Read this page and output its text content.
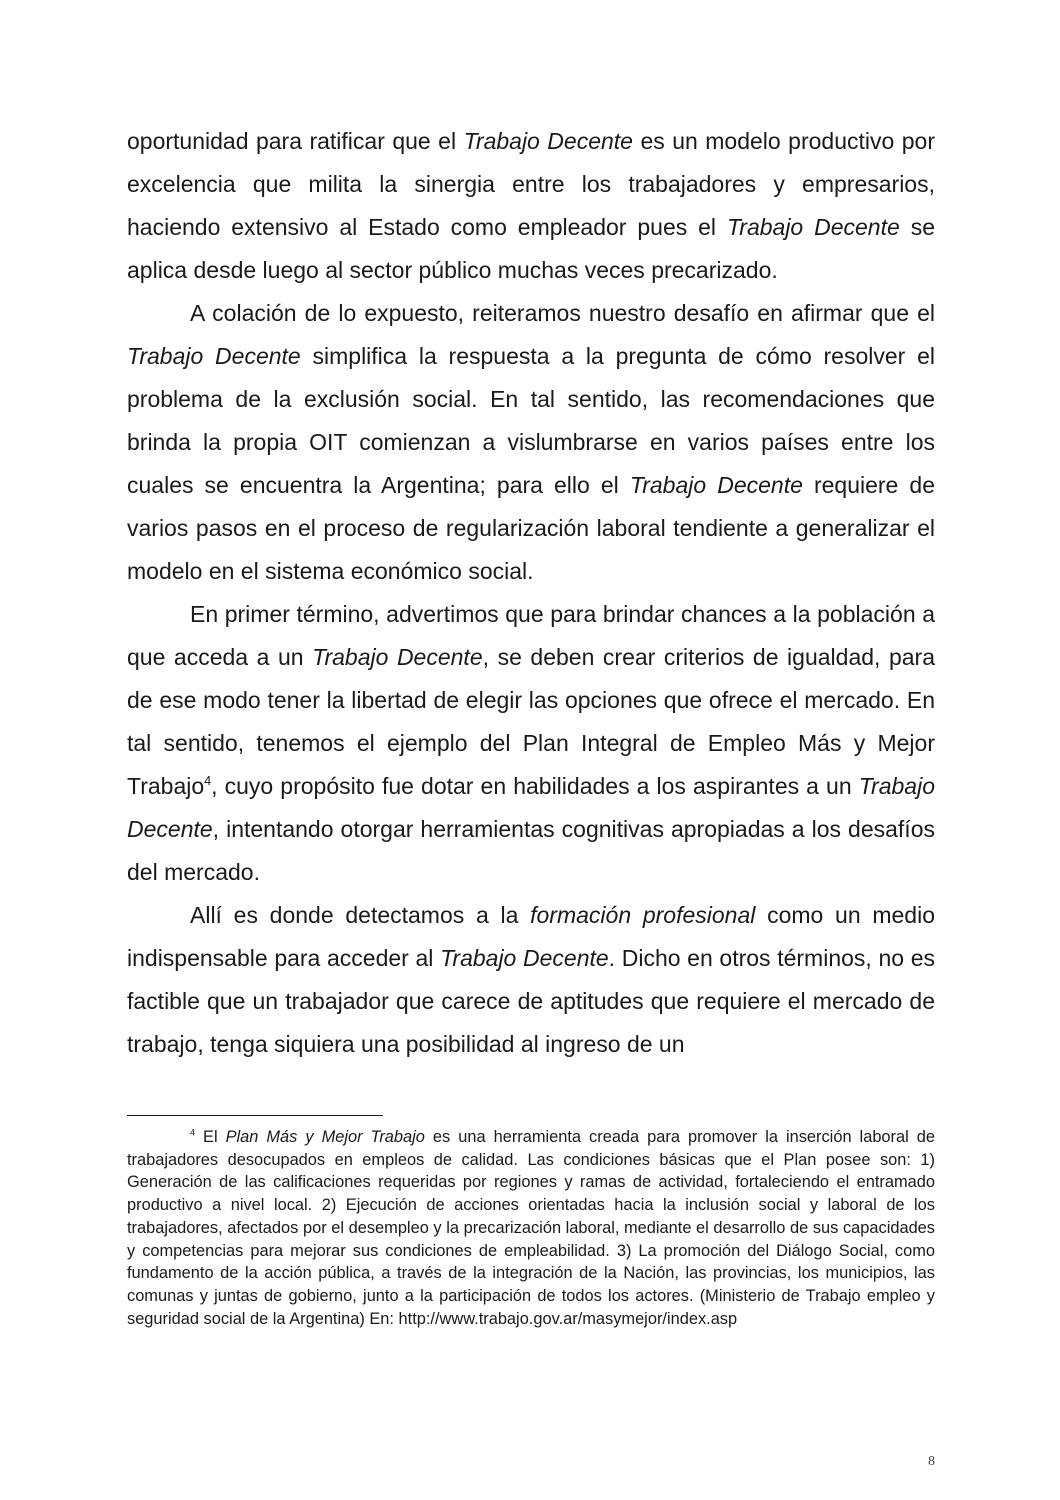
oportunidad para ratificar que el Trabajo Decente es un modelo productivo por excelencia que milita la sinergia entre los trabajadores y empresarios, haciendo extensivo al Estado como empleador pues el Trabajo Decente se aplica desde luego al sector público muchas veces precarizado.

A colación de lo expuesto, reiteramos nuestro desafío en afirmar que el Trabajo Decente simplifica la respuesta a la pregunta de cómo resolver el problema de la exclusión social. En tal sentido, las recomendaciones que brinda la propia OIT comienzan a vislumbrarse en varios países entre los cuales se encuentra la Argentina; para ello el Trabajo Decente requiere de varios pasos en el proceso de regularización laboral tendiente a generalizar el modelo en el sistema económico social.

En primer término, advertimos que para brindar chances a la población a que acceda a un Trabajo Decente, se deben crear criterios de igualdad, para de ese modo tener la libertad de elegir las opciones que ofrece el mercado. En tal sentido, tenemos el ejemplo del Plan Integral de Empleo Más y Mejor Trabajo$^4$, cuyo propósito fue dotar en habilidades a los aspirantes a un Trabajo Decente, intentando otorgar herramientas cognitivas apropiadas a los desafíos del mercado.

Allí es donde detectamos a la formación profesional como un medio indispensable para acceder al Trabajo Decente. Dicho en otros términos, no es factible que un trabajador que carece de aptitudes que requiere el mercado de trabajo, tenga siquiera una posibilidad al ingreso de un

$^4$ El Plan Más y Mejor Trabajo es una herramienta creada para promover la inserción laboral de trabajadores desocupados en empleos de calidad. Las condiciones básicas que el Plan posee son: 1) Generación de las calificaciones requeridas por regiones y ramas de actividad, fortaleciendo el entramado productivo a nivel local. 2) Ejecución de acciones orientadas hacia la inclusión social y laboral de los trabajadores, afectados por el desempleo y la precarización laboral, mediante el desarrollo de sus capacidades y competencias para mejorar sus condiciones de empleabilidad. 3) La promoción del Diálogo Social, como fundamento de la acción pública, a través de la integración de la Nación, las provincias, los municipios, las comunas y juntas de gobierno, junto a la participación de todos los actores. (Ministerio de Trabajo empleo y seguridad social de la Argentina) En: http://www.trabajo.gov.ar/masymejor/index.asp

8
